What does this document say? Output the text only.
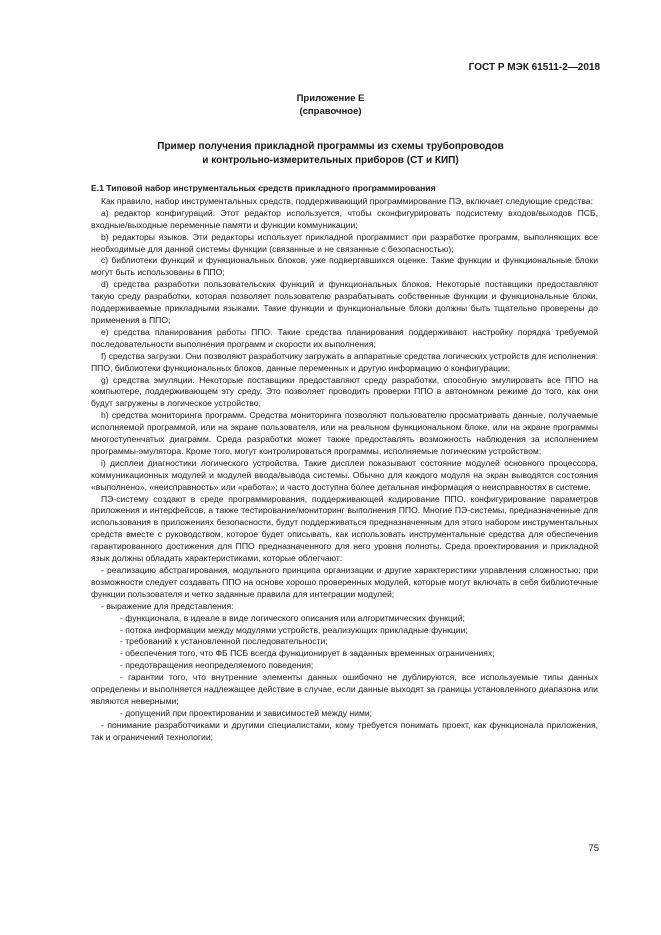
ГОСТ Р МЭК 61511-2—2018
Приложение Е
(справочное)
Пример получения прикладной программы из схемы трубопроводов
и контрольно-измерительных приборов (СТ и КИП)

Е.1 Типовой набор инструментальных средств прикладного программирования

Как правило, набор инструментальных средств, поддерживающий программирование ПЭ, включает следующие средства:

а) редактор конфигураций. Этот редактор используется, чтобы сконфигурировать подсистему входов/выходов ПСБ, входные/выходные переменные памяти и функции коммуникации;

b) редакторы языков. Эти редакторы использует прикладной программист при разработке программ, выполняющих все необходимые для данной системы функции (связанные и не связанные с безопасностью);

с) библиотеки функций и функциональных блоков, уже подвергавшихся оценке. Такие функции и функциональные блоки могут быть использованы в ППО;

d) средства разработки пользовательских функций и функциональных блоков. Некоторые поставщики предоставляют такую среду разработки, которая позволяет пользователю разрабатывать собственные функции и функциональные блоки, поддерживаемые прикладными языками. Такие функции и функциональные блоки должны быть тщательно проверены до применения в ППО;

е) средства планирования работы ППО. Такие средства планирования поддерживают настройку порядка требуемой последовательности выполнения программ и скорости их выполнения;

f) средства загрузки. Они позволяют разработчику загружать в аппаратные средства логических устройств для исполнения: ППО, библиотеки функциональных блоков, данные переменных и другую информацию о конфигурации;

g) средства эмуляции. Некоторые поставщики предоставляют среду разработки, способную эмулировать все ППО на компьютере, поддерживающем эту среду. Это позволяет проводить проверки ППО в автономном режиме до того, как они будут загружены в логическое устройство;

h) средства мониторинга программ. Средства мониторинга позволяют пользователю просматривать данные, получаемые исполняемой программой, или на экране пользователя, или на реальном функциональном блоке, или на экране программы многоступенчатых диаграмм. Среда разработки может также предоставлять возможность наблюдения за исполнением программы-эмулятора. Кроме того, могут контролироваться программы, исполняемые логическим устройством;

i) дисплеи диагностики логического устройства. Такие дисплеи показывают состояние модулей основного процессора, коммуникационных модулей и модулей ввода/вывода системы. Обычно для каждого модуля на экран выводятся состояния «выполнено», «неисправность» или «работа»; и часто доступна более детальная информация о неисправностях в системе.

ПЭ-систему создают в среде программирования, поддерживающей кодирование ППО, конфигурирование параметров приложения и интерфейсов, а также тестирование/мониторинг выполнения ППО. Многие ПЭ-системы, предназначенные для использования в приложениях безопасности, будут поддерживаться предназначенным для этого набором инструментальных средств вместе с руководством, которое будет описывать, как использовать инструментальные средства для обеспечения гарантированного достижения для ППО предназначенного для него уровня полноты. Среда проектирования и прикладной язык должны обладать характеристиками, которые облегчают:

- реализацию абстрагирования, модульного принципа организации и другие характеристики управления сложностью; при возможности следует создавать ППО на основе хорошо проверенных модулей, которые могут включать в себя библиотечные функции пользователя и четко заданные правила для интеграции модулей;

- выражение для представления:

- функционала, в идеале в виде логического описания или алгоритмических функций;

- потока информации между модулями устройств, реализующих прикладные функции;

- требований к установленной последовательности;

- обеспечения того, что ФБ ПСБ всегда функционирует в заданных временных ограничениях;

- предотвращения неопределяемого поведения;

- гарантии того, что внутренние элементы данных ошибочно не дублируются, все используемые типы данных определены и выполняется надлежащее действие в случае, если данные выходят за границы установленного диапазона или являются неверными;

- допущений при проектировании и зависимостей между ними;

- понимание разработчиками и другими специалистами, кому требуется понимать проект, как функционала приложения, так и ограничений технологии;

75
